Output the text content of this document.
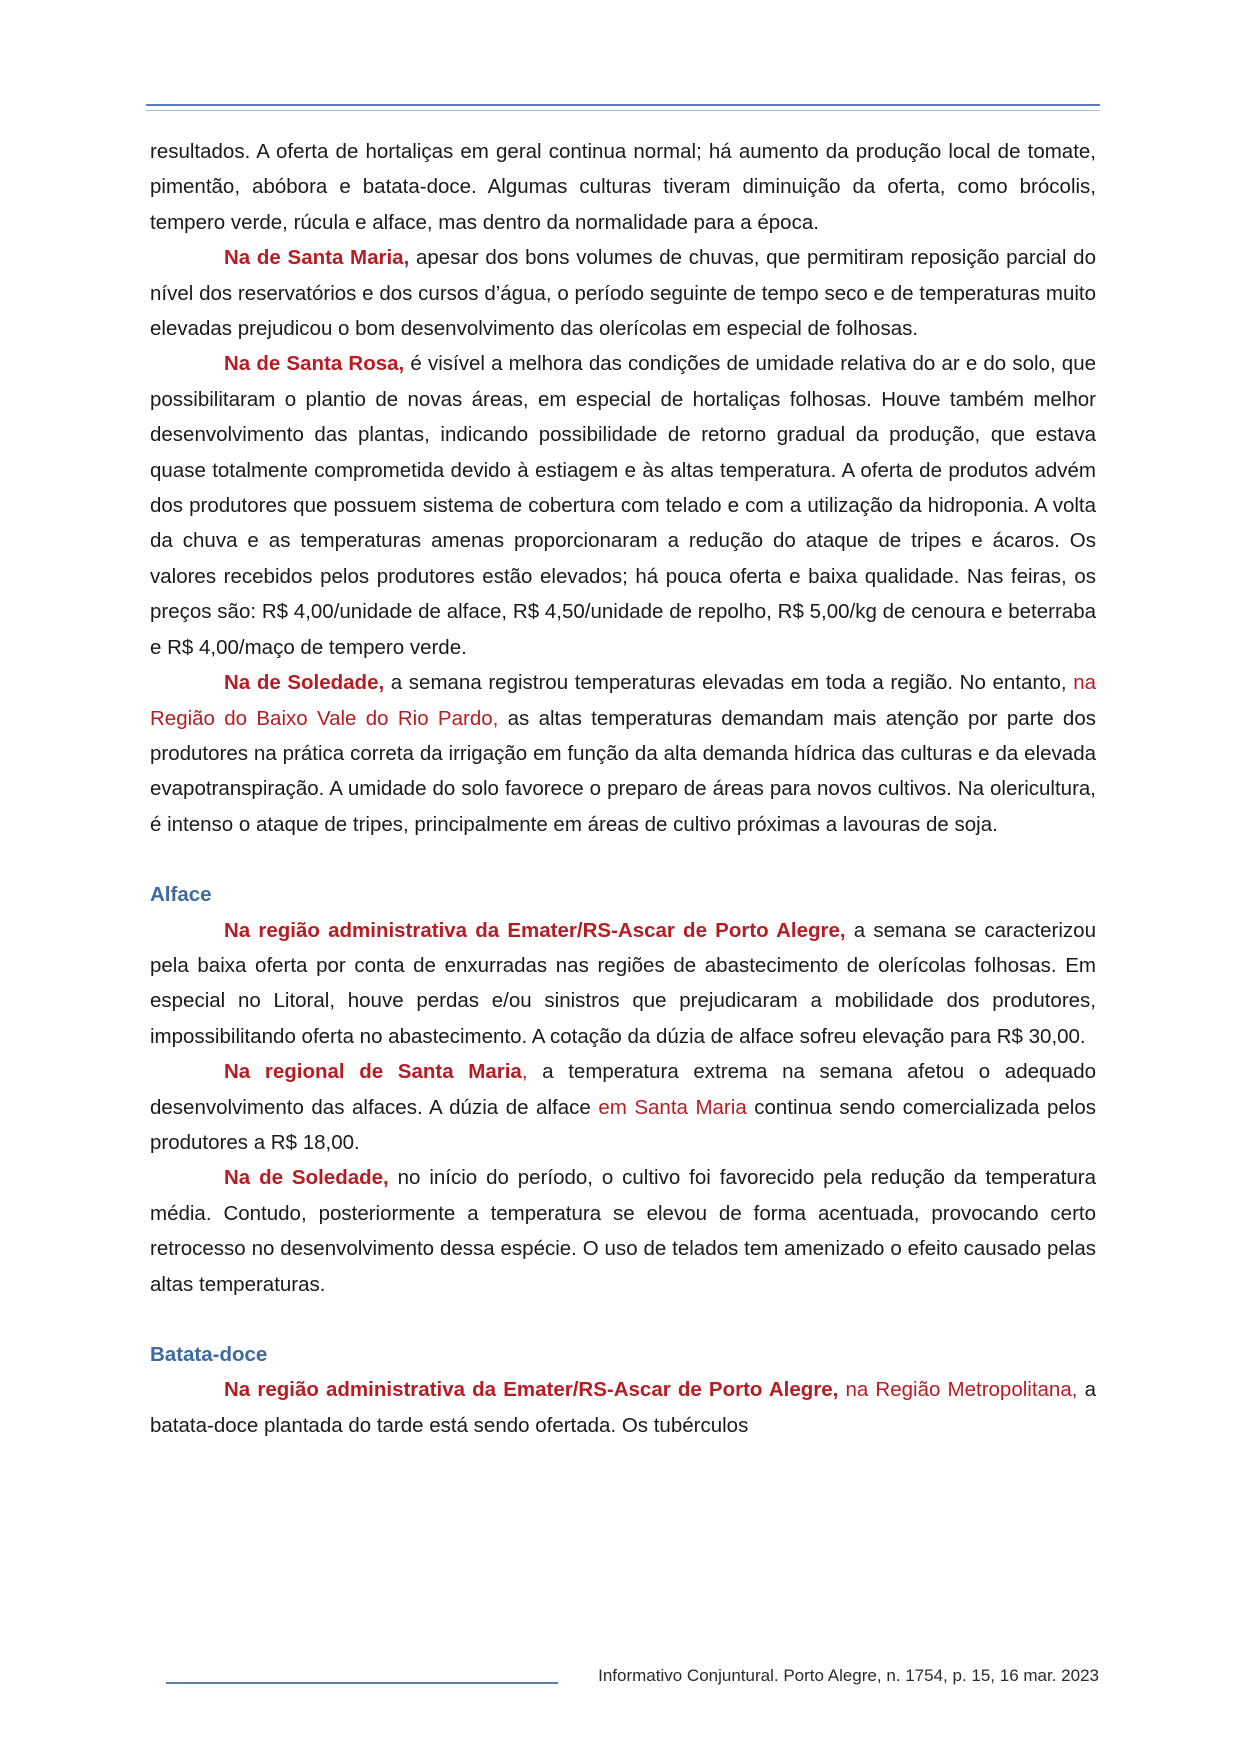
resultados. A oferta de hortaliças em geral continua normal; há aumento da produção local de tomate, pimentão, abóbora e batata-doce. Algumas culturas tiveram diminuição da oferta, como brócolis, tempero verde, rúcula e alface, mas dentro da normalidade para a época.

Na de Santa Maria, apesar dos bons volumes de chuvas, que permitiram reposição parcial do nível dos reservatórios e dos cursos d’água, o período seguinte de tempo seco e de temperaturas muito elevadas prejudicou o bom desenvolvimento das olerícolas em especial de folhosas.

Na de Santa Rosa, é visível a melhora das condições de umidade relativa do ar e do solo, que possibilitaram o plantio de novas áreas, em especial de hortaliças folhosas. Houve também melhor desenvolvimento das plantas, indicando possibilidade de retorno gradual da produção, que estava quase totalmente comprometida devido à estiagem e às altas temperatura. A oferta de produtos advém dos produtores que possuem sistema de cobertura com telado e com a utilização da hidroponia. A volta da chuva e as temperaturas amenas proporcionaram a redução do ataque de tripes e ácaros. Os valores recebidos pelos produtores estão elevados; há pouca oferta e baixa qualidade. Nas feiras, os preços são: R$ 4,00/unidade de alface, R$ 4,50/unidade de repolho, R$ 5,00/kg de cenoura e beterraba e R$ 4,00/maço de tempero verde.

Na de Soledade, a semana registrou temperaturas elevadas em toda a região. No entanto, na Região do Baixo Vale do Rio Pardo, as altas temperaturas demandam mais atenção por parte dos produtores na prática correta da irrigação em função da alta demanda hídrica das culturas e da elevada evapotranspiração. A umidade do solo favorece o preparo de áreas para novos cultivos. Na olericultura, é intenso o ataque de tripes, principalmente em áreas de cultivo próximas a lavouras de soja.

Alface

Na região administrativa da Emater/RS-Ascar de Porto Alegre, a semana se caracterizou pela baixa oferta por conta de enxurradas nas regiões de abastecimento de olerícolas folhosas. Em especial no Litoral, houve perdas e/ou sinistros que prejudicaram a mobilidade dos produtores, impossibilitando oferta no abastecimento. A cotação da dúzia de alface sofreu elevação para R$ 30,00.

Na regional de Santa Maria, a temperatura extrema na semana afetou o adequado desenvolvimento das alfaces. A dúzia de alface em Santa Maria continua sendo comercializada pelos produtores a R$ 18,00.

Na de Soledade, no início do período, o cultivo foi favorecido pela redução da temperatura média. Contudo, posteriormente a temperatura se elevou de forma acentuada, provocando certo retrocesso no desenvolvimento dessa espécie. O uso de telados tem amenizado o efeito causado pelas altas temperaturas.

Batata-doce

Na região administrativa da Emater/RS-Ascar de Porto Alegre, na Região Metropolitana, a batata-doce plantada do tarde está sendo ofertada. Os tubérculos

Informativo Conjuntural. Porto Alegre, n. 1754, p. 15, 16 mar. 2023
